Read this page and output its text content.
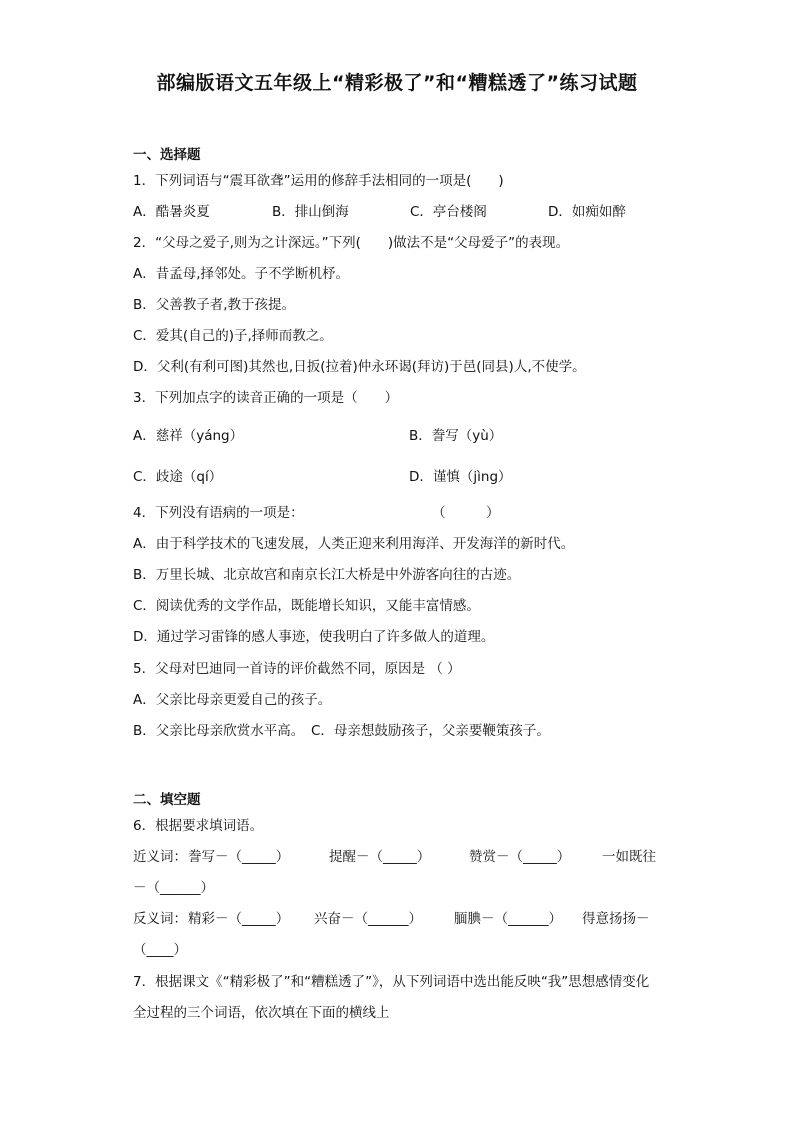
部编版语文五年级上“精彩极了”和“糟糕透了”练习试题
一、选择题
1．下列词语与“震耳欲聋”运用的修辞手法相同的一项是(　　)
A．酷暑炎夏	B．排山倒海	C．亭台楼阁	D．如痴如醉
2．“父母之爱子,则为之计深远。”下列(　　)做法不是“父母爱子”的表现。
A．昔孟母,择邻处。子不学断机杼。
B．父善教子者,教于孩提。
C．爱其(自己的)子,择师而教之。
D．父利(有利可图)其然也,日扳(拉着)仲永环谒(拜访)于邑(同县)人,不使学。
3．下列加点字的读音正确的一项是（　　）
A．慈祥（yáng）	B．誊写（yù）
C．歧途（qí）	D．谨慎（jìng）
4．下列没有语病的一项是：	（　　　）
A．由于科学技术的飞速发展，人类正迎来利用海洋、开发海洋的新时代。
B．万里长城、北京故宫和南京长江大桥是中外游客向往的古迹。
C．阅读优秀的文学作品，既能增长知识，又能丰富情感。
D．通过学习雷锋的感人事迹，使我明白了许多做人的道理。
5．父母对巴迪同一首诗的评价截然不同，原因是 （ ）
A．父亲比母亲更爱自己的孩子。
B．父亲比母亲欣赏水平高。　C．母亲想鼓励孩子，父亲要鞭策孩子。
二、填空题
6．根据要求填词语。
近义词： 誊写－（_____）	提醒－（_____）	赞赏－（_____） 一如既往
－（______）
反义词： 精彩－（_____） 兴奋－（______） 腼腆－（______） 得意扬扬－
（____）
7．根据课文《“精彩极了”和“糟糕透了”》，从下列词语中选出能反映“我”思想感情变化
全过程的三个词语，依次填在下面的横线上
